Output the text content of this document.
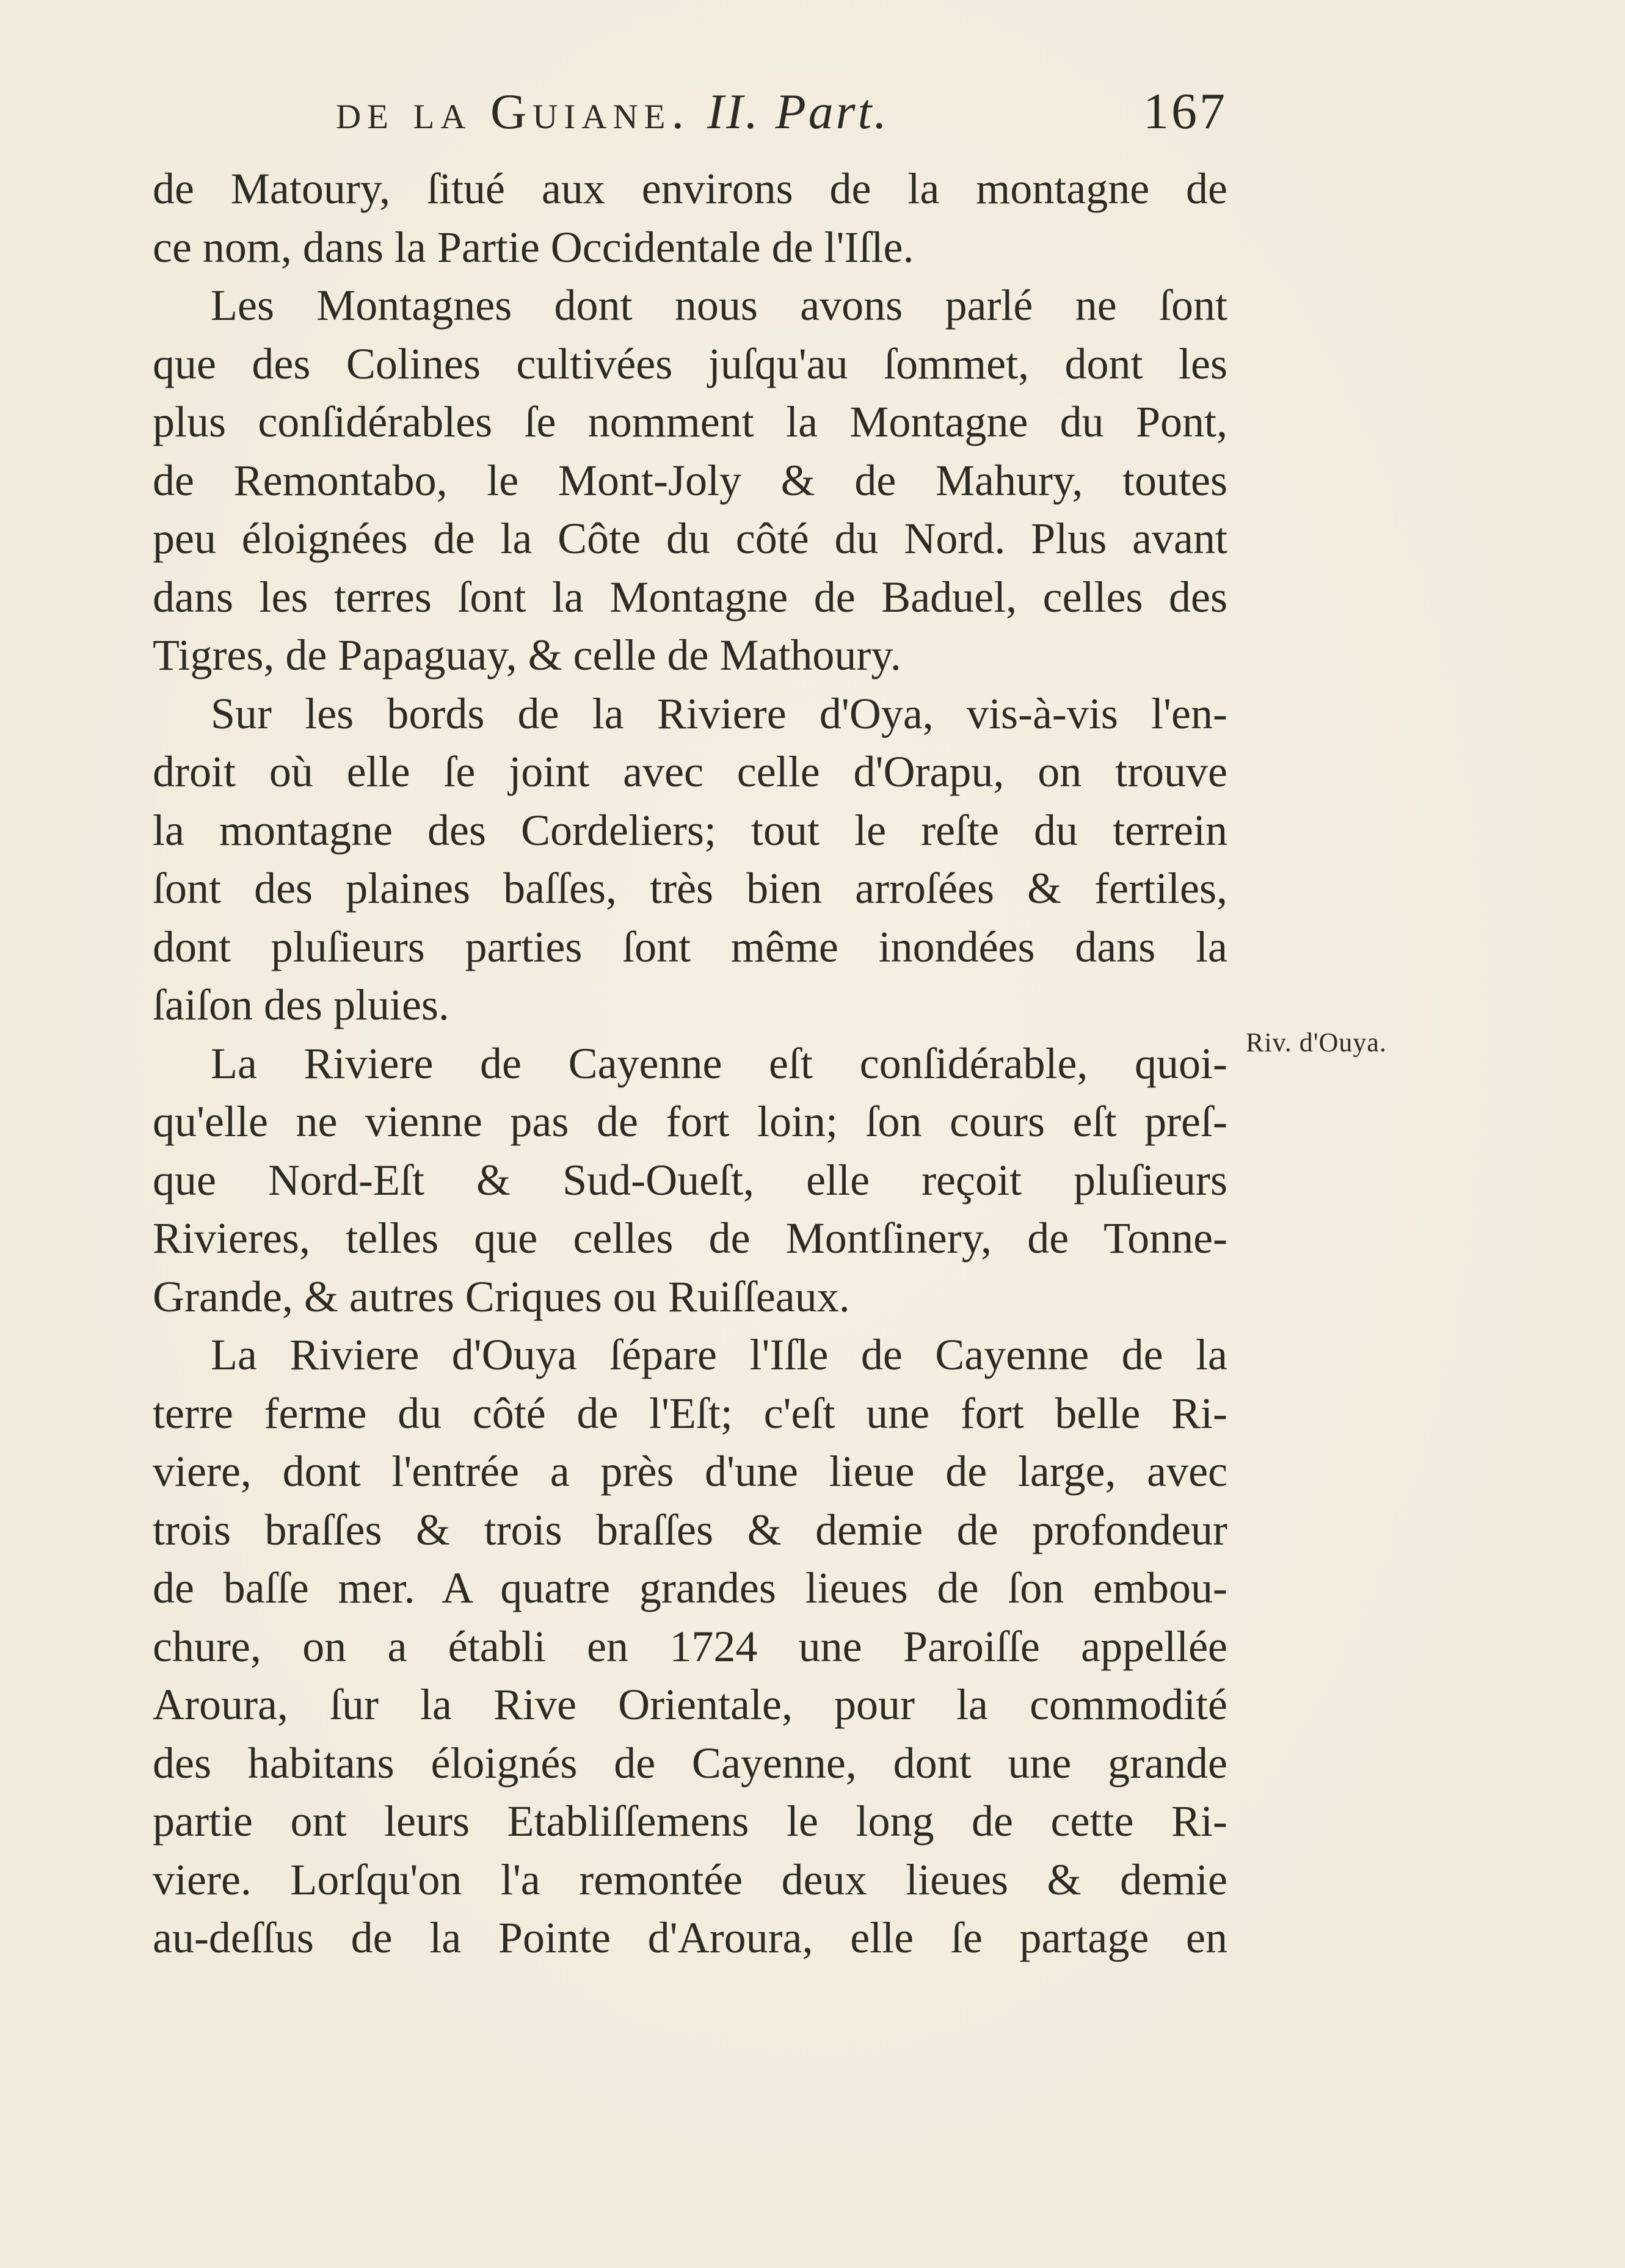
de la Guiane. II. Part.	167
de Matoury, ſitué aux environs de la montagne de
ce nom, dans la Partie Occidentale de l'Iſle.
Les Montagnes dont nous avons parlé ne ſont
que des Colines cultivées juſqu'au ſommet, dont les
plus conſidérables ſe nomment la Montagne du Pont,
de Remontabo, le Mont-Joly & de Mahury, toutes
peu éloignées de la Côte du côté du Nord. Plus avant
dans les terres ſont la Montagne de Baduel, celles des
Tigres, de Papaguay, & celle de Mathoury.
Sur les bords de la Riviere d'Oya, vis-à-vis l'en-
droit où elle ſe joint avec celle d'Orapu, on trouve
la montagne des Cordeliers; tout le reſte du terrein
ſont des plaines baſſes, très bien arroſées & fertiles,
dont pluſieurs parties ſont même inondées dans la
ſaiſon des pluies.
La Riviere de Cayenne eſt conſidérable, quoi-
qu'elle ne vienne pas de fort loin; ſon cours eſt preſ-
que Nord-Eſt & Sud-Oueſt, elle reçoit pluſieurs
Rivieres, telles que celles de Montſinery, de Tonne-
Grande, & autres Criques ou Ruiſſeaux.
La Riviere d'Ouya ſépare l'Iſle de Cayenne de la
terre ferme du côté de l'Eſt; c'eſt une fort belle Ri-
viere, dont l'entrée a près d'une lieue de large, avec
trois braſſes & trois braſſes & demie de profondeur
de baſſe mer. A quatre grandes lieues de ſon embou-
chure, on a établi en 1724 une Paroiſſe appellée
Aroura, ſur la Rive Orientale, pour la commodité
des habitans éloignés de Cayenne, dont une grande
partie ont leurs Etabliſſemens le long de cette Ri-
viere. Lorſqu'on l'a remontée deux lieues & demie
au-deſſus de la Pointe d'Aroura, elle ſe partage en
Riv. d'Ouya.
